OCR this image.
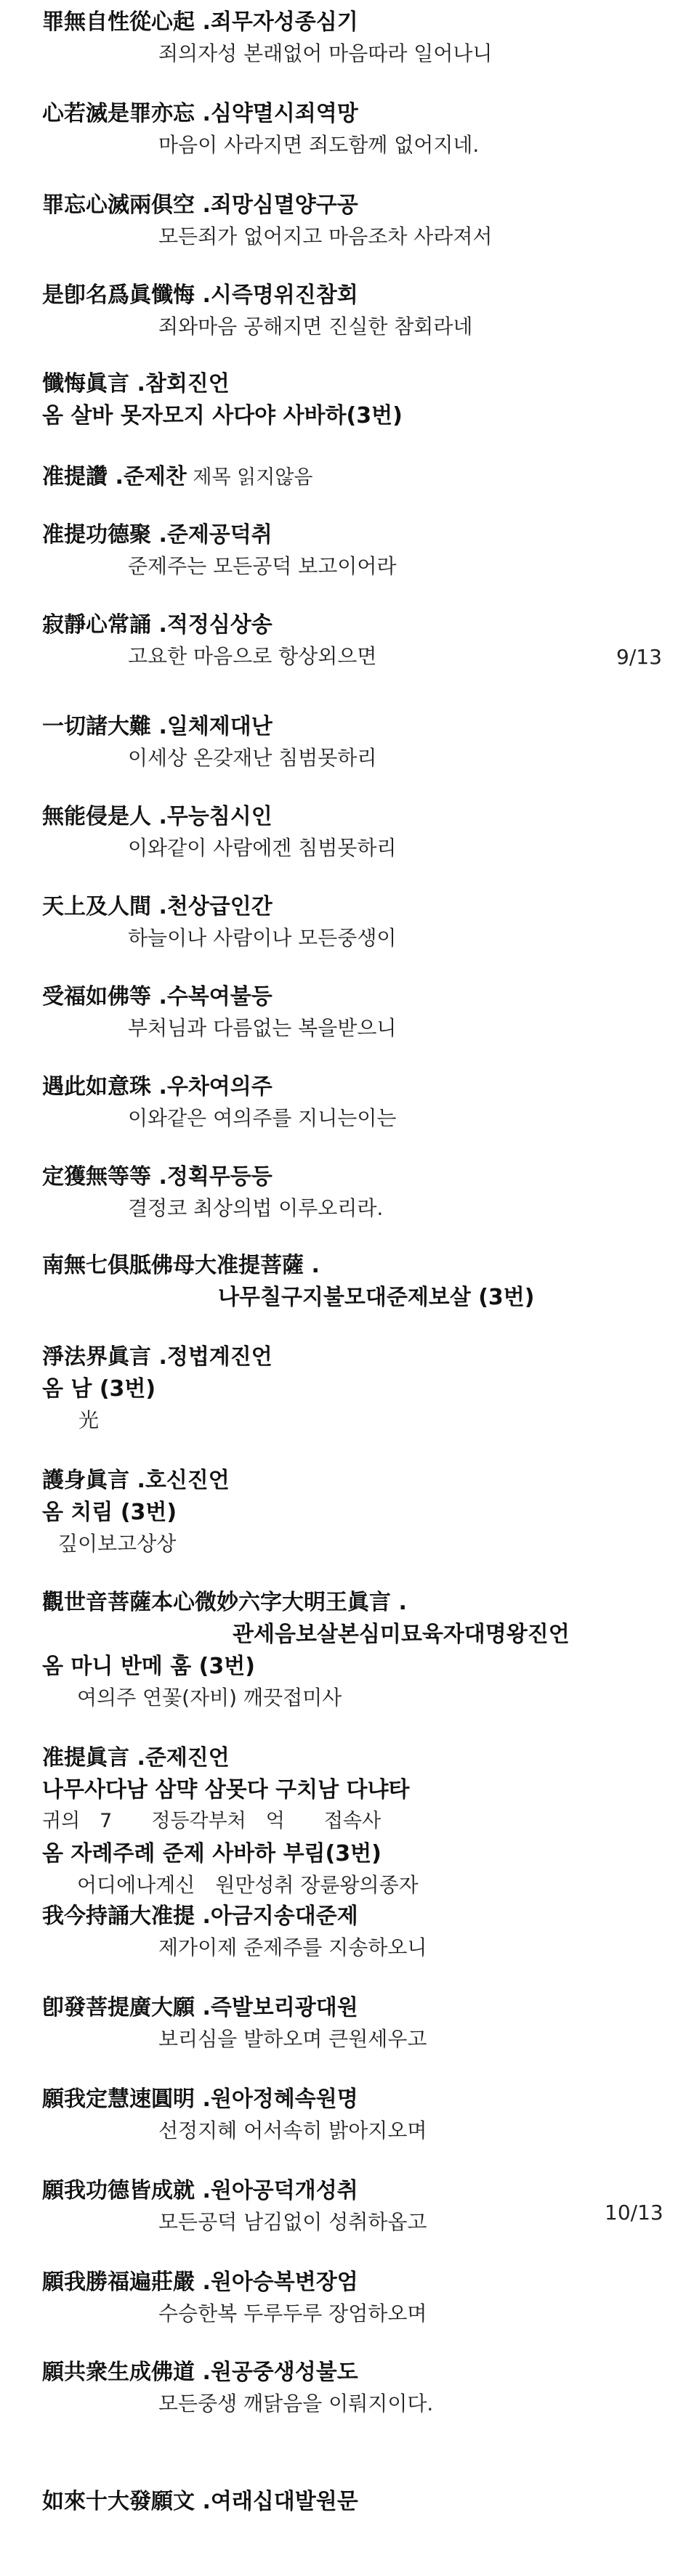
罪無自性從心起 .죄무자성종심기
죄의자성 본래없어 마음따라 일어나니
心若滅是罪亦忘 .심약멸시죄역망
마음이 사라지면 죄도함께 없어지네.
罪忘心滅兩俱空 .죄망심멸양구공
모든죄가 없어지고 마음조차 사라져서
是卽名爲眞懺悔 .시즉명위진참회
죄와마음 공해지면 진실한 참회라네
懺悔眞言 .참회진언
옴 살바 못자모지 사다야 사바하(3번)
准提讚 .준제찬 제목 읽지않음
准提功德聚 .준제공덕취
준제주는 모든공덕 보고이어라
寂靜心常誦 .적정심상송
고요한 마음으로 항상외으면	9/13
一切諸大難 .일체제대난
이세상 온갖재난 침범못하리
無能侵是人 .무능침시인
이와같이 사람에겐 침범못하리
天上及人間 .천상급인간
하늘이나 사람이나 모든중생이
受福如佛等 .수복여불등
부처님과 다름없는 복을받으니
遇此如意珠 .우차여의주
이와같은 여의주를 지니는이는
定獲無等等 .정획무등등
결정코 최상의법 이루오리라.
南無七俱胝佛母大准提菩薩 .
나무칠구지불모대준제보살 (3번)
淨法界眞言 .정법계진언
옴 남 (3번)
光
護身眞言 .호신진언
옴 치림 (3번)
깊이보고상상
觀世音菩薩本心微妙六字大明王眞言 .
관세음보살본심미묘육자대명왕진언
옴 마니 반메 훔 (3번)
여의주 연꽃(자비) 깨끗접미사
准提眞言 .준제진언
나무사다남 삼먁 삼못다 구치남 다냐타
귀의　7　　정등각부처　억　　접속사
옴 자례주례 준제 사바하 부림(3번)
어디에나계신　원만성취 장륜왕의종자
我今持誦大准提 .아금지송대준제
제가이제 준제주를 지송하오니
卽發菩提廣大願 .즉발보리광대원
보리심을 발하오며 큰원세우고
願我定慧速圓明 .원아정혜속원명
선정지혜 어서속히 밝아지오며
願我功德皆成就 .원아공덕개성취
모든공덕 남김없이 성취하옵고	10/13
願我勝福遍莊嚴 .원아승복변장엄
수승한복 두루두루 장엄하오며
願共衆生成佛道 .원공중생성불도
모든중생 깨닭음을 이뤄지이다.
如來十大發願文 .여래십대발원문
